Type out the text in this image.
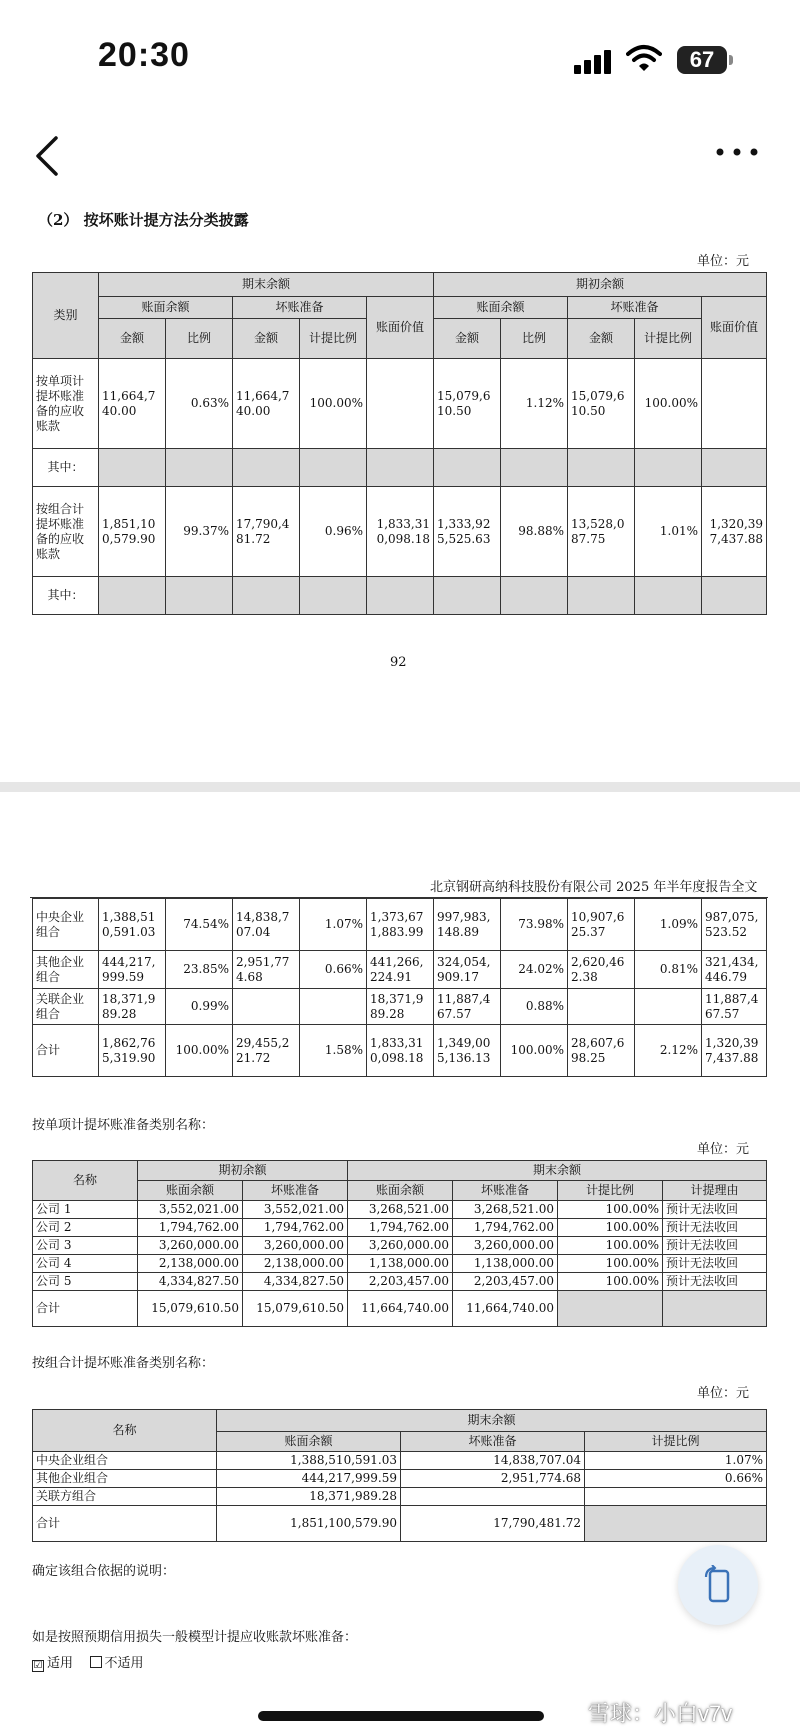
20:30	67
（2） 按坏账计提方法分类披露
单位：元
类别	期末余额					期初余额				
	账面余额		坏账准备		账面价值	账面余额		坏账准备		账面价值
	金额	比例	金额	计提比例		金额	比例	金额	计提比例	
按单项计提坏账准备的应收账款	11,664,740.00	0.63%	11,664,740.00	100.00%		15,079,610.50	1.12%	15,079,610.50	100.00%	
其中：										
按组合计提坏账准备的应收账款	1,851,100,579.90	99.37%	17,790,481.72	0.96%	1,833,310,098.18	1,333,925,525.63	98.88%	13,528,087.75	1.01%	1,320,397,437.88
其中：										
92
北京钢研高纳科技股份有限公司 2025 年半年度报告全文
中央企业组合	1,388,510,591.03	74.54%	14,838,707.04	1.07%	1,373,671,883.99	997,983,148.89	73.98%	10,907,625.37	1.09%	987,075,523.52
其他企业组合	444,217,999.59	23.85%	2,951,774.68	0.66%	441,266,224.91	324,054,909.17	24.02%	2,620,462.38	0.81%	321,434,446.79
关联企业组合	18,371,989.28	0.99%			18,371,989.28	11,887,467.57	0.88%			11,887,467.57
合计	1,862,765,319.90	100.00%	29,455,221.72	1.58%	1,833,310,098.18	1,349,005,136.13	100.00%	28,607,698.25	2.12%	1,320,397,437.88
按单项计提坏账准备类别名称：
单位：元
名称	期初余额		期末余额			
	账面余额	坏账准备	账面余额	坏账准备	计提比例	计提理由
公司 1	3,552,021.00	3,552,021.00	3,268,521.00	3,268,521.00	100.00%	预计无法收回
公司 2	1,794,762.00	1,794,762.00	1,794,762.00	1,794,762.00	100.00%	预计无法收回
公司 3	3,260,000.00	3,260,000.00	3,260,000.00	3,260,000.00	100.00%	预计无法收回
公司 4	2,138,000.00	2,138,000.00	1,138,000.00	1,138,000.00	100.00%	预计无法收回
公司 5	4,334,827.50	4,334,827.50	2,203,457.00	2,203,457.00	100.00%	预计无法收回
合计	15,079,610.50	15,079,610.50	11,664,740.00	11,664,740.00		
按组合计提坏账准备类别名称：
单位：元
名称	期末余额		
	账面余额	坏账准备	计提比例
中央企业组合	1,388,510,591.03	14,838,707.04	1.07%
其他企业组合	444,217,999.59	2,951,774.68	0.66%
关联方组合	18,371,989.28		
合计	1,851,100,579.90	17,790,481.72	
确定该组合依据的说明：
如是按照预期信用损失一般模型计提应收账款坏账准备：
☑ 适用 不适用
雪球：小白v7v
